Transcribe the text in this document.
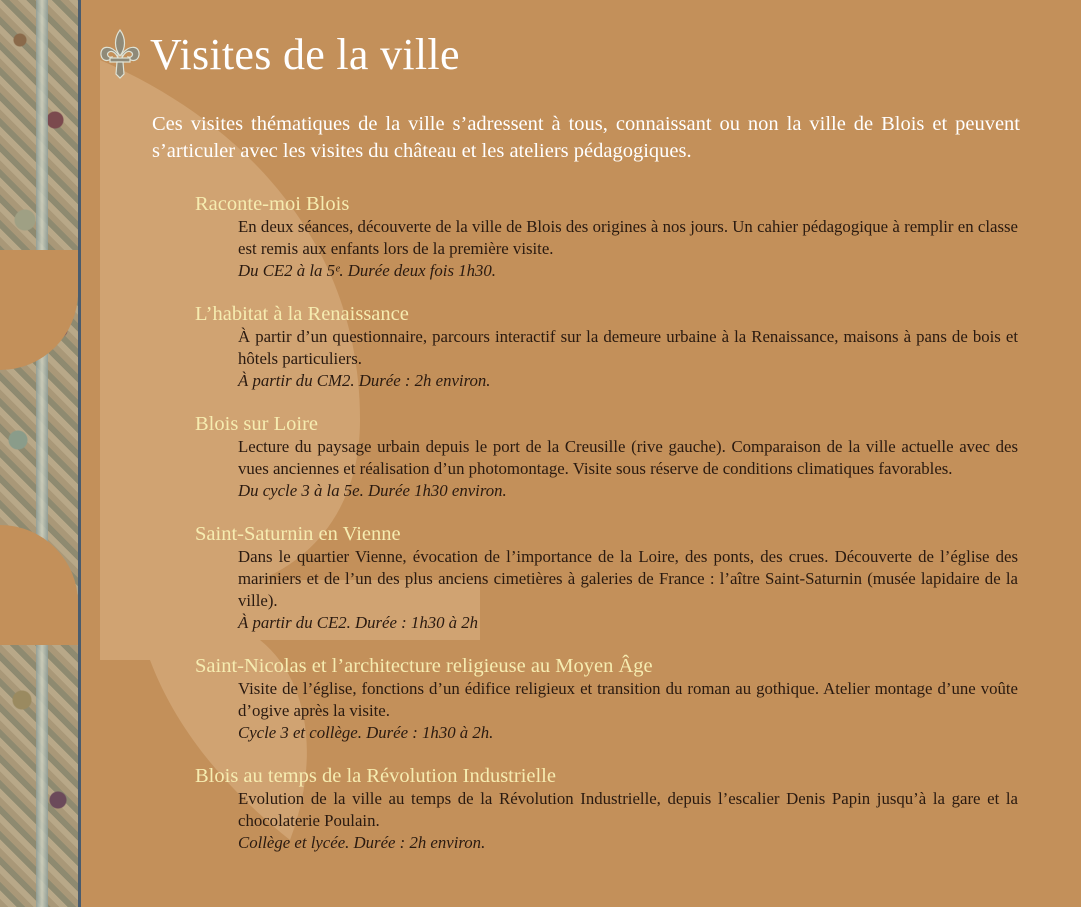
Visites de la ville

Ces visites thématiques de la ville s’adressent à tous, connaissant ou non la ville de Blois et peuvent s’articuler avec les visites du château et les ateliers pédagogiques.

Raconte-moi Blois

En deux séances, découverte de la ville de Blois des origines à nos jours. Un cahier pédagogique à remplir en classe est remis aux enfants lors de la première visite.

Du CE2 à la 5ᵉ. Durée deux fois 1h30.

L’habitat à la Renaissance

À partir d’un questionnaire, parcours interactif sur la demeure urbaine à la Renaissance, maisons à pans de bois et hôtels particuliers.

À partir du CM2. Durée : 2h environ.

Blois sur Loire

Lecture du paysage urbain depuis le port de la Creusille (rive gauche). Comparaison de la ville actuelle avec des vues anciennes et réalisation d’un photomontage. Visite sous réserve de conditions climatiques favorables.

Du cycle 3 à la 5e. Durée 1h30 environ.

Saint-Saturnin en Vienne

Dans le quartier Vienne, évocation de l’importance de la Loire, des ponts, des crues. Découverte de l’église des mariniers et de l’un des plus anciens cimetières à galeries de France : l’aître Saint-Saturnin (musée lapidaire de la ville).

À partir du CE2. Durée : 1h30 à 2h

Saint-Nicolas et l’architecture religieuse au Moyen Âge

Visite de l’église, fonctions d’un édifice religieux et transition du roman au gothique. Atelier montage d’une voûte d’ogive après la visite.

Cycle 3 et collège. Durée : 1h30 à 2h.

Blois au temps de la Révolution Industrielle

Evolution de la ville au temps de la Révolution Industrielle, depuis l’escalier Denis Papin jusqu’à la gare et la chocolaterie Poulain.

Collège et lycée. Durée : 2h environ.
